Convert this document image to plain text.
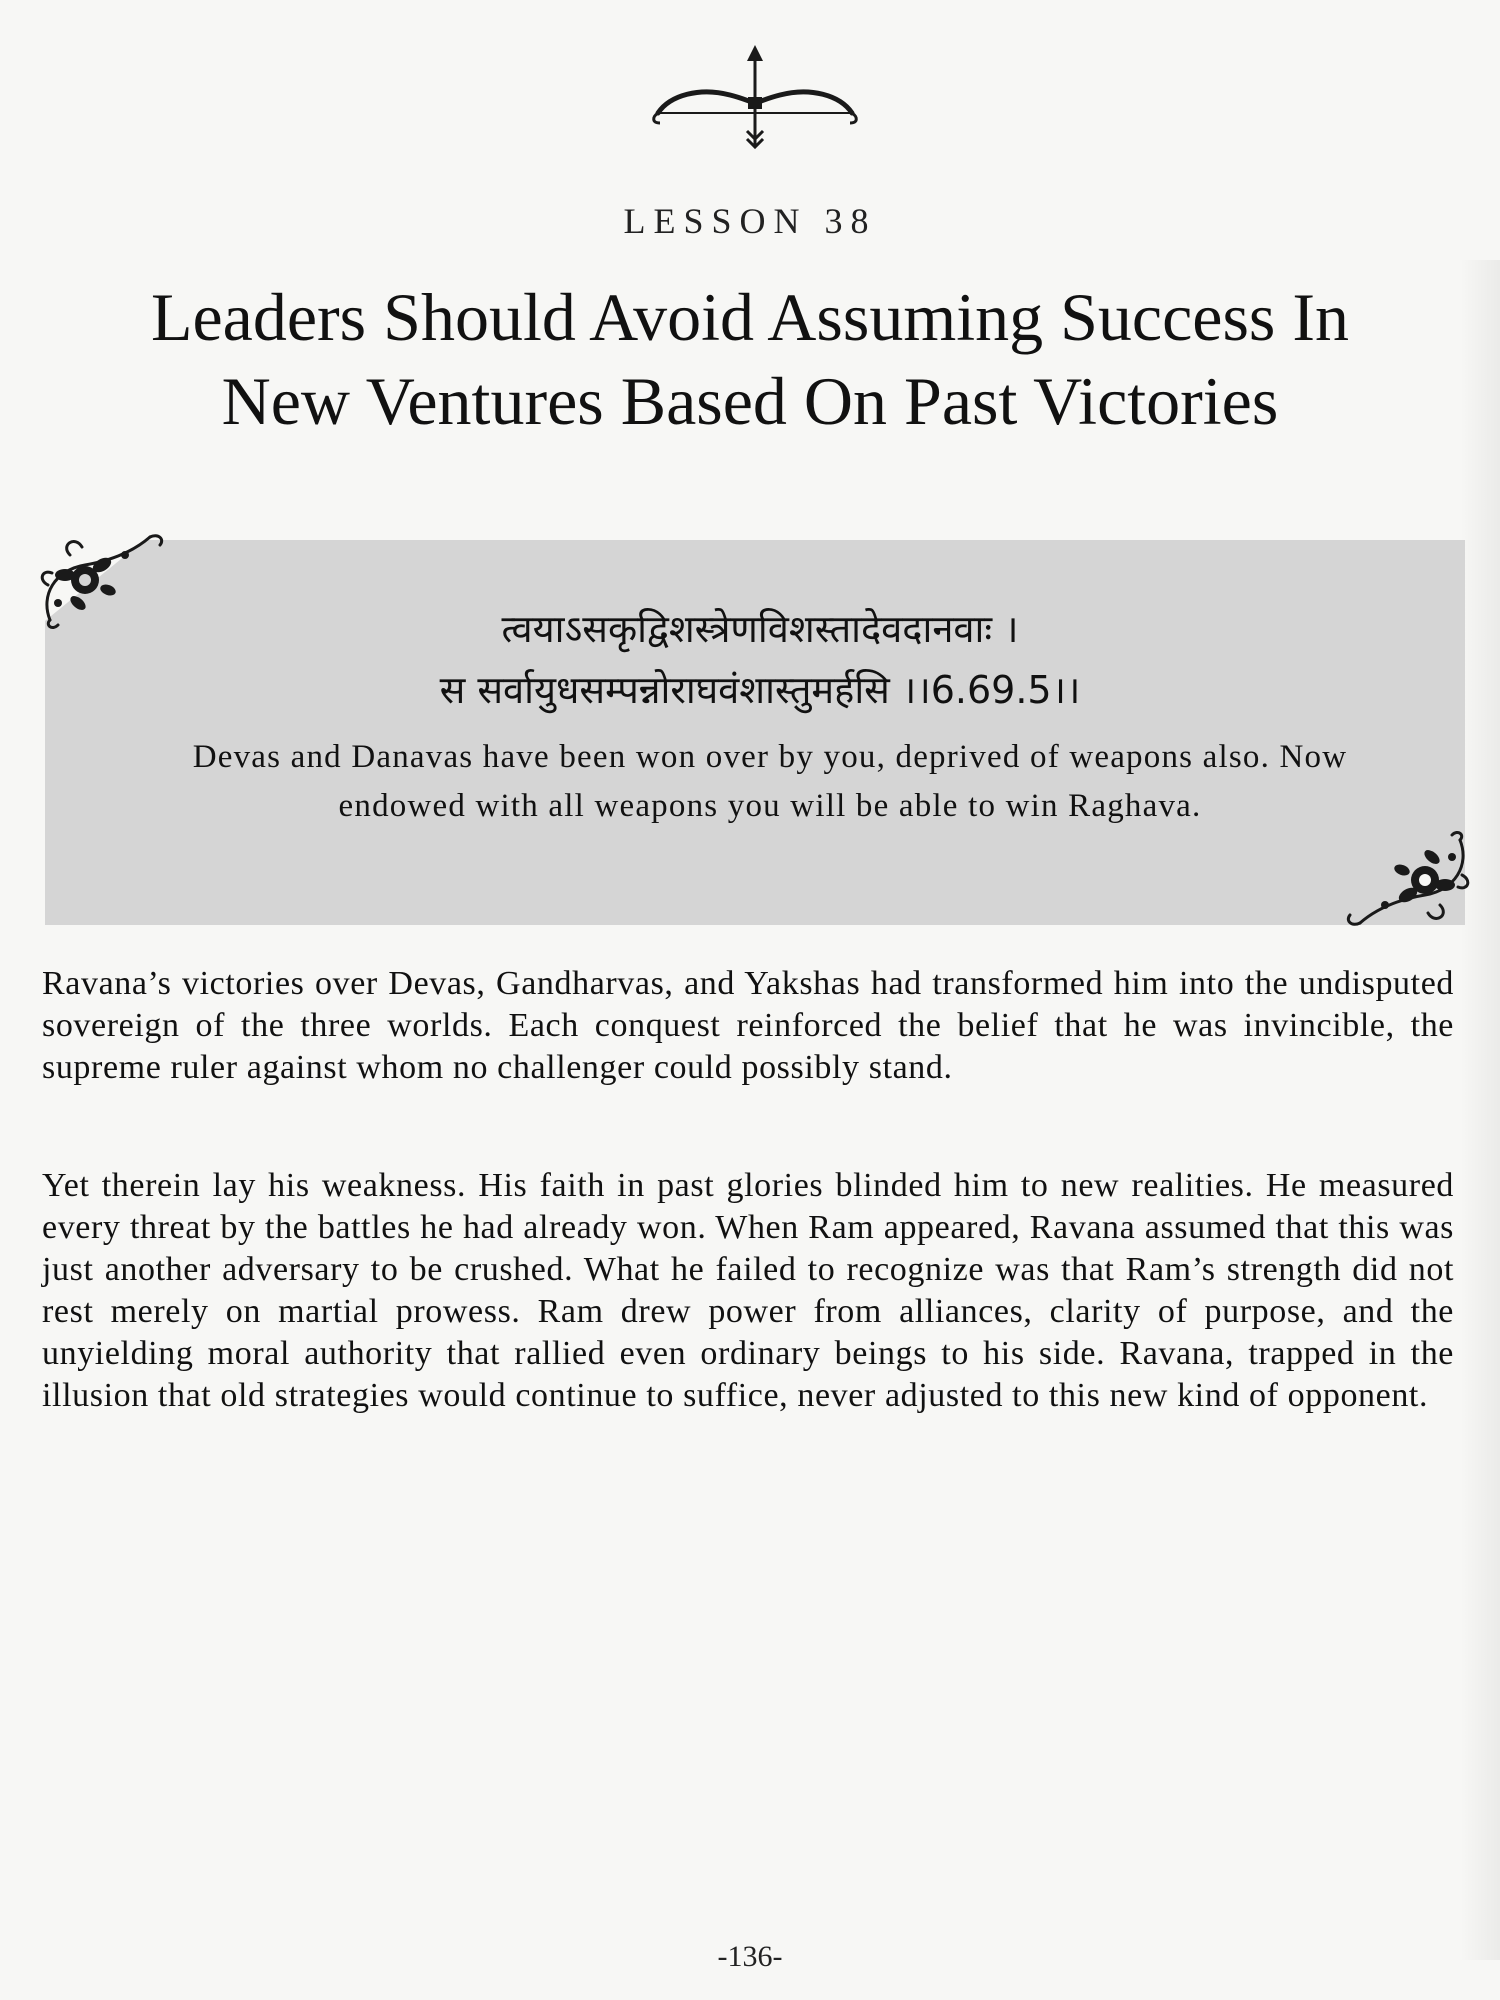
LESSON 38
Leaders Should Avoid Assuming Success In New Ventures Based On Past Victories
त्वयाऽसकृद्विशस्त्रेणविशस्तादेवदानवाः ।
स सर्वायुधसम्पन्नोराघवंशास्तुमर्हसि ।।6.69.5।।

Devas and Danavas have been won over by you, deprived of weapons also. Now endowed with all weapons you will be able to win Raghava.

Ravana’s victories over Devas, Gandharvas, and Yakshas had transformed him into the undisputed sovereign of the three worlds. Each conquest reinforced the belief that he was invincible, the supreme ruler against whom no challenger could possibly stand.

Yet therein lay his weakness. His faith in past glories blinded him to new realities. He measured every threat by the battles he had already won. When Ram appeared, Ravana assumed that this was just another adversary to be crushed. What he failed to recognize was that Ram’s strength did not rest merely on martial prowess. Ram drew power from alliances, clarity of purpose, and the unyielding moral authority that rallied even ordinary beings to his side. Ravana, trapped in the illusion that old strategies would continue to suffice, never adjusted to this new kind of opponent.

-136-
